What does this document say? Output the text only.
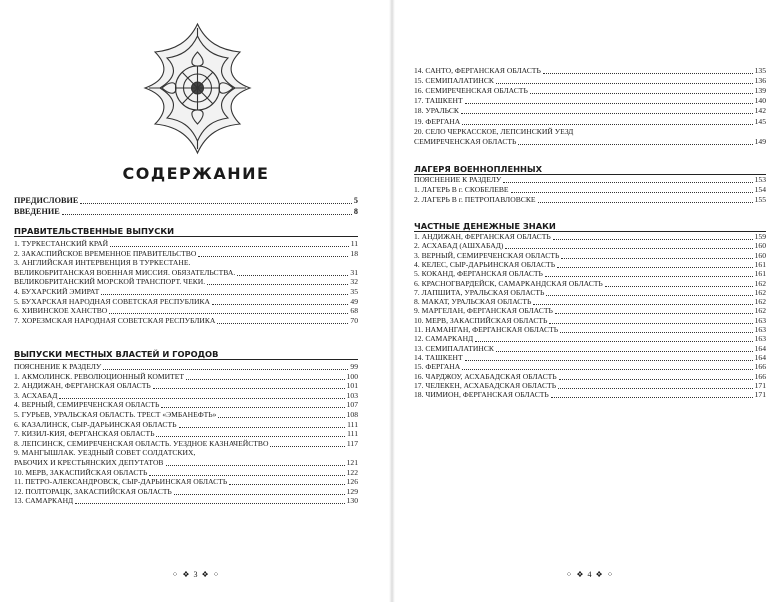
СОДЕРЖАНИЕ
ПРЕДИСЛОВИЕ	5
ВВЕДЕНИЕ	8
ПРАВИТЕЛЬСТВЕННЫЕ ВЫПУСКИ
1. ТУРКЕСТАНСКИЙ КРАЙ	11
2. ЗАКАСПИЙСКОЕ ВРЕМЕННОЕ ПРАВИТЕЛЬСТВО	18
3. АНГЛИЙСКАЯ ИНТЕРВЕНЦИЯ В ТУРКЕСТАНЕ.
ВЕЛИКОБРИТАНСКАЯ ВОЕННАЯ МИССИЯ. ОБЯЗАТЕЛЬСТВА.	31
ВЕЛИКОБРИТАНСКИЙ МОРСКОЙ ТРАНСПОРТ. ЧЕКИ.	32
4. БУХАРСКИЙ ЭМИРАТ	35
5. БУХАРСКАЯ НАРОДНАЯ СОВЕТСКАЯ РЕСПУБЛИКА	49
6. ХИВИНСКОЕ ХАНСТВО	68
7. ХОРЕЗМСКАЯ НАРОДНАЯ СОВЕТСКАЯ РЕСПУБЛИКА	70
ВЫПУСКИ МЕСТНЫХ ВЛАСТЕЙ И ГОРОДОВ
ПОЯСНЕНИЕ К РАЗДЕЛУ	99
1. АКМОЛИНСК. РЕВОЛЮЦИОННЫЙ КОМИТЕТ	100
2. АНДИЖАН, ФЕРГАНСКАЯ ОБЛАСТЬ	101
3. АСХАБАД	103
4. ВЕРНЫЙ, СЕМИРЕЧЕНСКАЯ ОБЛАСТЬ	107
5. ГУРЬЕВ, УРАЛЬСКАЯ ОБЛАСТЬ. ТРЕСТ «ЭМБАНЕФТЬ»	108
6. КАЗАЛИНСК, СЫР-ДАРЬИНСКАЯ ОБЛАСТЬ	111
7. КИЗИЛ-КИЯ, ФЕРГАНСКАЯ ОБЛАСТЬ	111
8. ЛЕПСИНСК, СЕМИРЕЧЕНСКАЯ ОБЛАСТЬ. УЕЗДНОЕ КАЗНАЧЕЙСТВО	117
9. МАНГЫШЛАК. УЕЗДНЫЙ СОВЕТ СОЛДАТСКИХ,
РАБОЧИХ И КРЕСТЬЯНСКИХ ДЕПУТАТОВ	121
10. МЕРВ, ЗАКАСПИЙСКАЯ ОБЛАСТЬ	122
11. ПЕТРО-АЛЕКСАНДРОВСК, СЫР-ДАРЬИНСКАЯ ОБЛАСТЬ	126
12. ПОЛТОРАЦК, ЗАКАСПИЙСКАЯ ОБЛАСТЬ	129
13. САМАРКАНД	130
⁘ ❖ 3 ❖ ⁘
14. САНТО, ФЕРГАНСКАЯ ОБЛАСТЬ	135
15. СЕМИПАЛАТИНСК	136
16. СЕМИРЕЧЕНСКАЯ ОБЛАСТЬ	139
17. ТАШКЕНТ	140
18. УРАЛЬСК	142
19. ФЕРГАНА	145
20. СЕЛО ЧЕРКАССКОЕ, ЛЕПСИНСКИЙ УЕЗД
СЕМИРЕЧЕНСКАЯ ОБЛАСТЬ	149
ЛАГЕРЯ ВОЕННОПЛЕННЫХ
ПОЯСНЕНИЕ К РАЗДЕЛУ	153
1. ЛАГЕРЬ В г. СКОБЕЛЕВЕ	154
2. ЛАГЕРЬ В г. ПЕТРОПАВЛОВСКЕ	155
ЧАСТНЫЕ ДЕНЕЖНЫЕ ЗНАКИ
1. АНДИЖАН, ФЕРГАНСКАЯ ОБЛАСТЬ	159
2. АСХАБАД (АШХАБАД)	160
3. ВЕРНЫЙ, СЕМИРЕЧЕНСКАЯ ОБЛАСТЬ	160
4. КЕЛЕС, СЫР-ДАРЬИНСКАЯ ОБЛАСТЬ	161
5. КОКАНД, ФЕРГАНСКАЯ ОБЛАСТЬ	161
6. КРАСНОГВАРДЕЙСК, САМАРКАНДСКАЯ ОБЛАСТЬ	162
7. ЛАПШИТА, УРАЛЬСКАЯ ОБЛАСТЬ	162
8. МАКАТ, УРАЛЬСКАЯ ОБЛАСТЬ	162
9. МАРГЕЛАН, ФЕРГАНСКАЯ ОБЛАСТЬ	162
10. МЕРВ, ЗАКАСПИЙСКАЯ ОБЛАСТЬ	163
11. НАМАНГАН, ФЕРГАНСКАЯ ОБЛАСТЬ	163
12. САМАРКАНД	163
13. СЕМИПАЛАТИНСК	164
14. ТАШКЕНТ	164
15. ФЕРГАНА	166
16. ЧАРДЖОУ, АСХАБАДСКАЯ ОБЛАСТЬ	166
17. ЧЕЛЕКЕН, АСХАБАДСКАЯ ОБЛАСТЬ	171
18. ЧИМИОН, ФЕРГАНСКАЯ ОБЛАСТЬ	171
⁘ ❖ 4 ❖ ⁘
